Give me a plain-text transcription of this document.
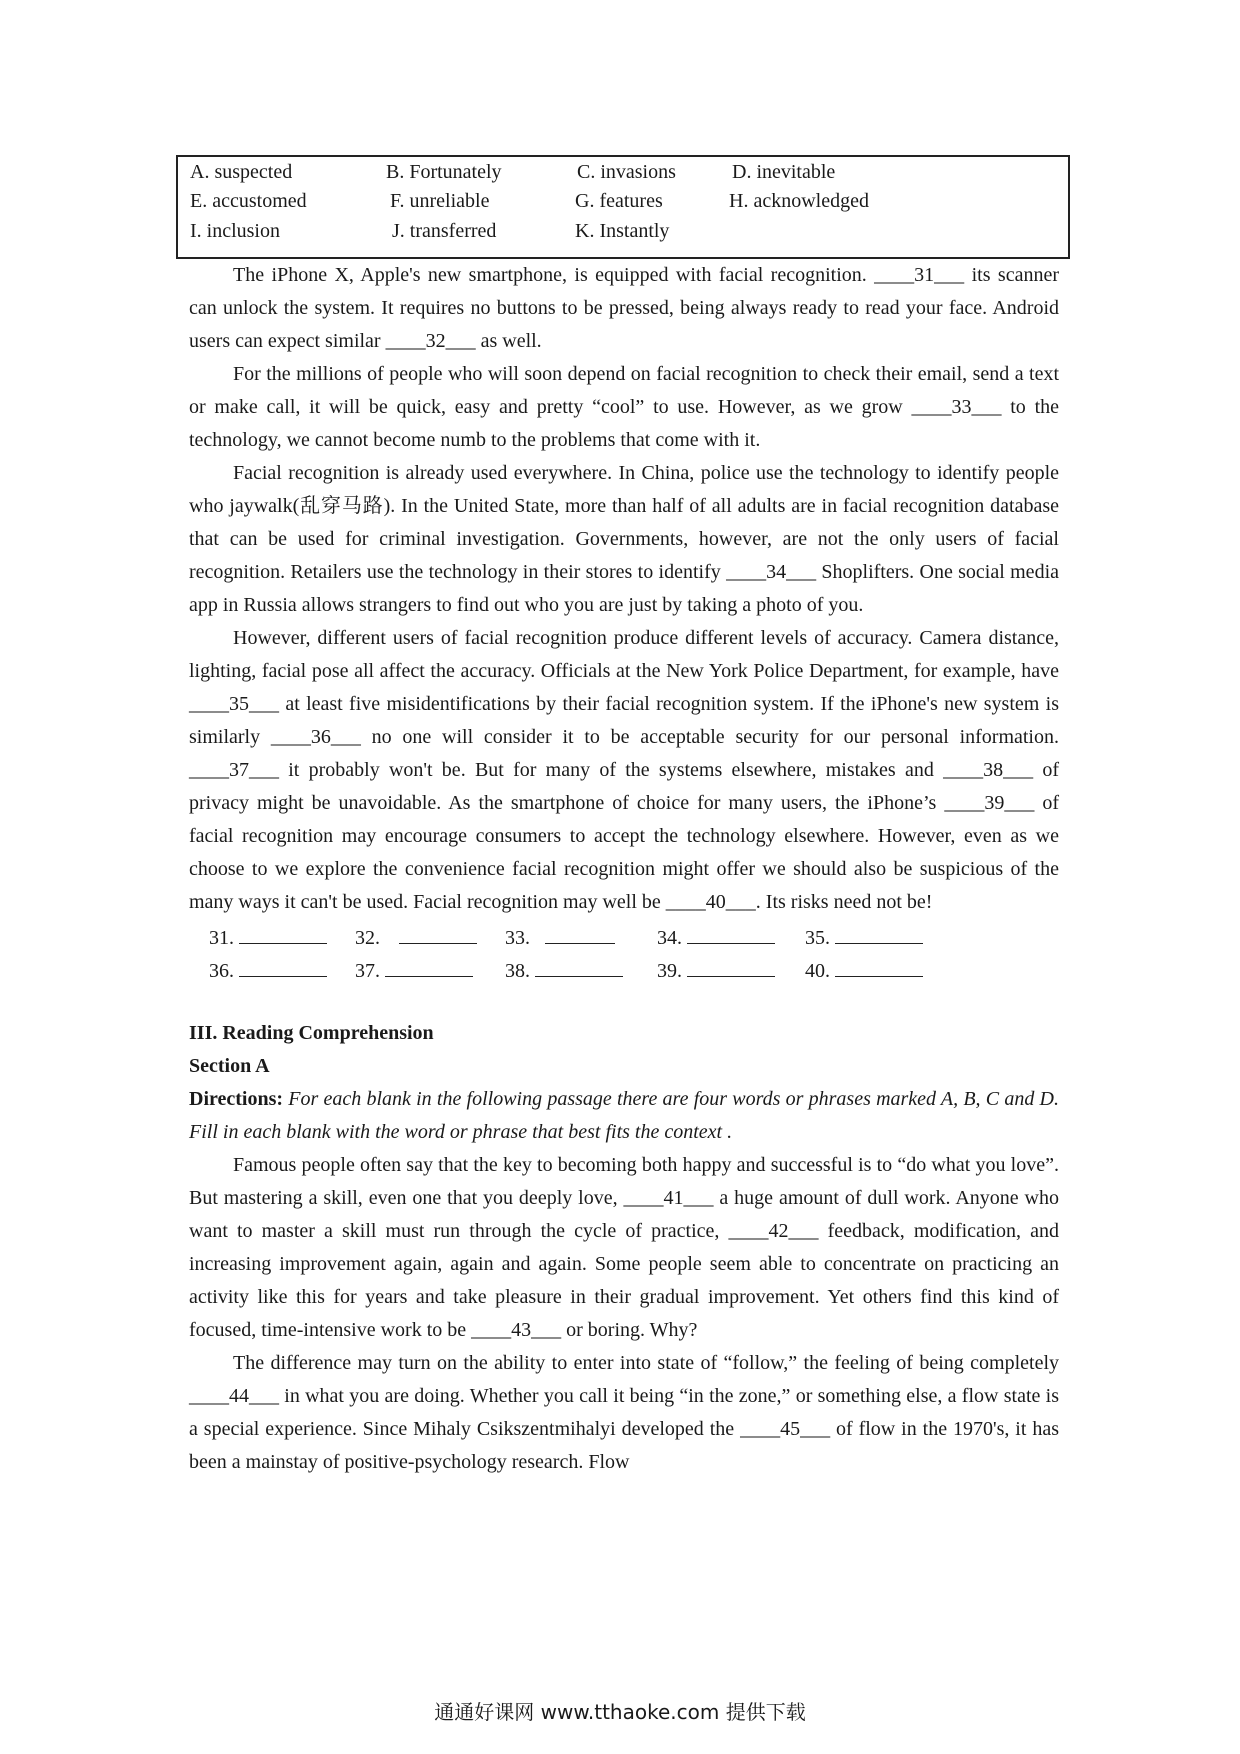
A. suspected	B. Fortunately	C. invasions	D. inevitable
E. accustomed	F. unreliable	G. features	H. acknowledged
I. inclusion	J. transferred	K. Instantly

The iPhone X, Apple's new smartphone, is equipped with facial recognition. ____31___ its scanner can unlock the system. It requires no buttons to be pressed, being always ready to read your face. Android users can expect similar ____32___ as well.

For the millions of people who will soon depend on facial recognition to check their email, send a text or make call, it will be quick, easy and pretty “cool” to use. However, as we grow ____33___ to the technology, we cannot become numb to the problems that come with it.

Facial recognition is already used everywhere. In China, police use the technology to identify people who jaywalk(乱穿马路). In the United State, more than half of all adults are in facial recognition database that can be used for criminal investigation. Governments, however, are not the only users of facial recognition. Retailers use the technology in their stores to identify ____34___ Shoplifters. One social media app in Russia allows strangers to find out who you are just by taking a photo of you.

However, different users of facial recognition produce different levels of accuracy. Camera distance, lighting, facial pose all affect the accuracy. Officials at the New York Police Department, for example, have ____35___ at least five misidentifications by their facial recognition system. If the iPhone's new system is similarly ____36___ no one will consider it to be acceptable security for our personal information. ____37___ it probably won't be. But for many of the systems elsewhere, mistakes and ____38___ of privacy might be unavoidable. As the smartphone of choice for many users, the iPhone’s ____39___ of facial recognition may encourage consumers to accept the technology elsewhere. However, even as we choose to we explore the convenience facial recognition might offer we should also be suspicious of the many ways it can't be used. Facial recognition may well be ____40___. Its risks need not be!

31.	32.	33.	34.	35.
36.	37.	38.	39.	40.

III. Reading Comprehension

Section A

Directions: For each blank in the following passage there are four words or phrases marked A, B, C and D. Fill in each blank with the word or phrase that best fits the context .

Famous people often say that the key to becoming both happy and successful is to “do what you love”. But mastering a skill, even one that you deeply love, ____41___ a huge amount of dull work. Anyone who want to master a skill must run through the cycle of practice, ____42___ feedback, modification, and increasing improvement again, again and again. Some people seem able to concentrate on practicing an activity like this for years and take pleasure in their gradual improvement. Yet others find this kind of focused, time-intensive work to be ____43___ or boring. Why?

The difference may turn on the ability to enter into state of “follow,” the feeling of being completely ____44___ in what you are doing. Whether you call it being “in the zone,” or something else, a flow state is a special experience. Since Mihaly Csikszentmihalyi developed the ____45___ of flow in the 1970's, it has been a mainstay of positive-psychology research. Flow

通通好课网 www.tthaoke.com 提供下载
